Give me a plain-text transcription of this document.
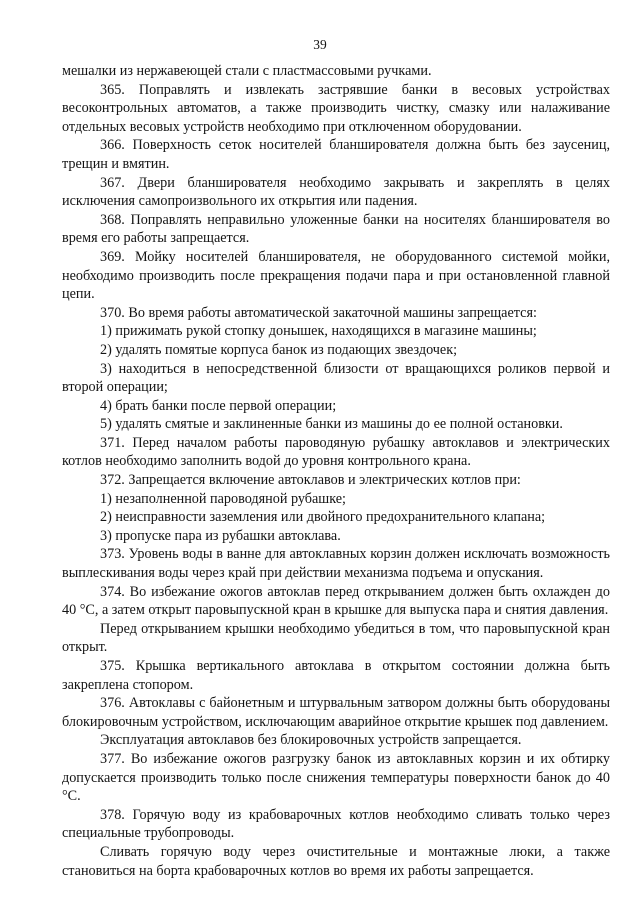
39

мешалки из нержавеющей стали с пластмассовыми ручками.

365. Поправлять и извлекать застрявшие банки в весовых устройствах весоконтрольных автоматов, а также производить чистку, смазку или налаживание отдельных весовых устройств необходимо при отключенном оборудовании.

366. Поверхность сеток носителей бланширователя должна быть без заусениц, трещин и вмятин.

367. Двери бланширователя необходимо закрывать и закреплять в целях исключения самопроизвольного их открытия или падения.

368. Поправлять неправильно уложенные банки на носителях бланширователя во время его работы запрещается.

369. Мойку носителей бланширователя, не оборудованного системой мойки, необходимо производить после прекращения подачи пара и при остановленной главной цепи.

370. Во время работы автоматической закаточной машины запрещается:

1) прижимать рукой стопку донышек, находящихся в магазине машины;

2) удалять помятые корпуса банок из подающих звездочек;

3) находиться в непосредственной близости от вращающихся роликов первой и второй операции;

4) брать банки после первой операции;

5) удалять смятые и заклиненные банки из машины до ее полной остановки.

371. Перед началом работы пароводяную рубашку автоклавов и электрических котлов необходимо заполнить водой до уровня контрольного крана.

372. Запрещается включение автоклавов и электрических котлов при:

1) незаполненной пароводяной рубашке;

2) неисправности заземления или двойного предохранительного клапана;

3) пропуске пара из рубашки автоклава.

373. Уровень воды в ванне для автоклавных корзин должен исключать возможность выплескивания воды через край при действии механизма подъема и опускания.

374. Во избежание ожогов автоклав перед открыванием должен быть охлажден до 40 °С, а затем открыт паровыпускной кран в крышке для выпуска пара и снятия давления.

Перед открыванием крышки необходимо убедиться в том, что паровыпускной кран открыт.

375. Крышка вертикального автоклава в открытом состоянии должна быть закреплена стопором.

376. Автоклавы с байонетным и штурвальным затвором должны быть оборудованы блокировочным устройством, исключающим аварийное открытие крышек под давлением.

Эксплуатация автоклавов без блокировочных устройств запрещается.

377. Во избежание ожогов разгрузку банок из автоклавных корзин и их обтирку допускается производить только после снижения температуры поверхности банок до 40 °С.

378. Горячую воду из крабоварочных котлов необходимо сливать только через специальные трубопроводы.

Сливать горячую воду через очистительные и монтажные люки, а также становиться на борта крабоварочных котлов во время их работы запрещается.
